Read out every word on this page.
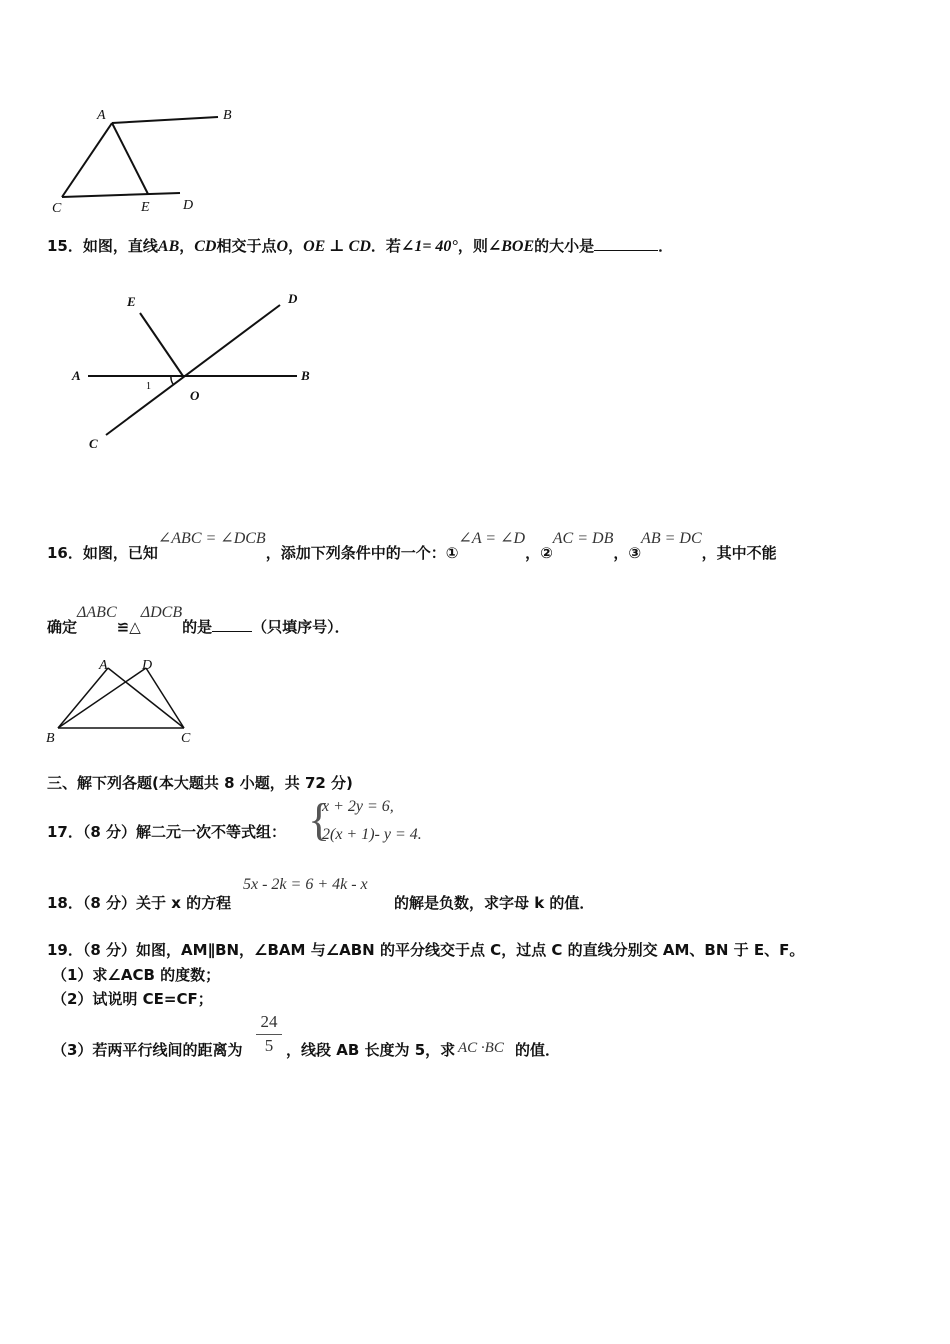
A	B
C	E D
15．如图，直线AB，CD相交于点O，OE ⊥ CD．若∠1= 40°，则∠BOE的大小是	．
E	D
A	B
O
C
1
16．如图，已知∠ABC = ∠DCB，添加下列条件中的一个：①∠A = ∠D，②AC = DB，③AB = DC，其中不能
确定ΔABC≌△ΔDCB的是	（只填序号）．
A D
B	C
三、解下列各题(本大题共 8 小题，共 72 分)
17．（8 分）解二元一次不等式组： {
x + 2y = 6,
2(x + 1)- y = 4.
18．（8 分）关于 x 的方程
5x - 2k = 6 + 4k - x
的解是负数，求字母 k 的值．
19．（8 分）如图，AM∥BN，∠BAM 与∠ABN 的平分线交于点 C，过点 C 的直线分别交 AM、BN 于 E、F。
（1）求∠ACB 的度数；
（2）试说明 CE=CF；
（3）若两平行线间的距离为 $\frac{24}{5}$ ，线段 AB 长度为 5，求 AC ·BC 的值．
